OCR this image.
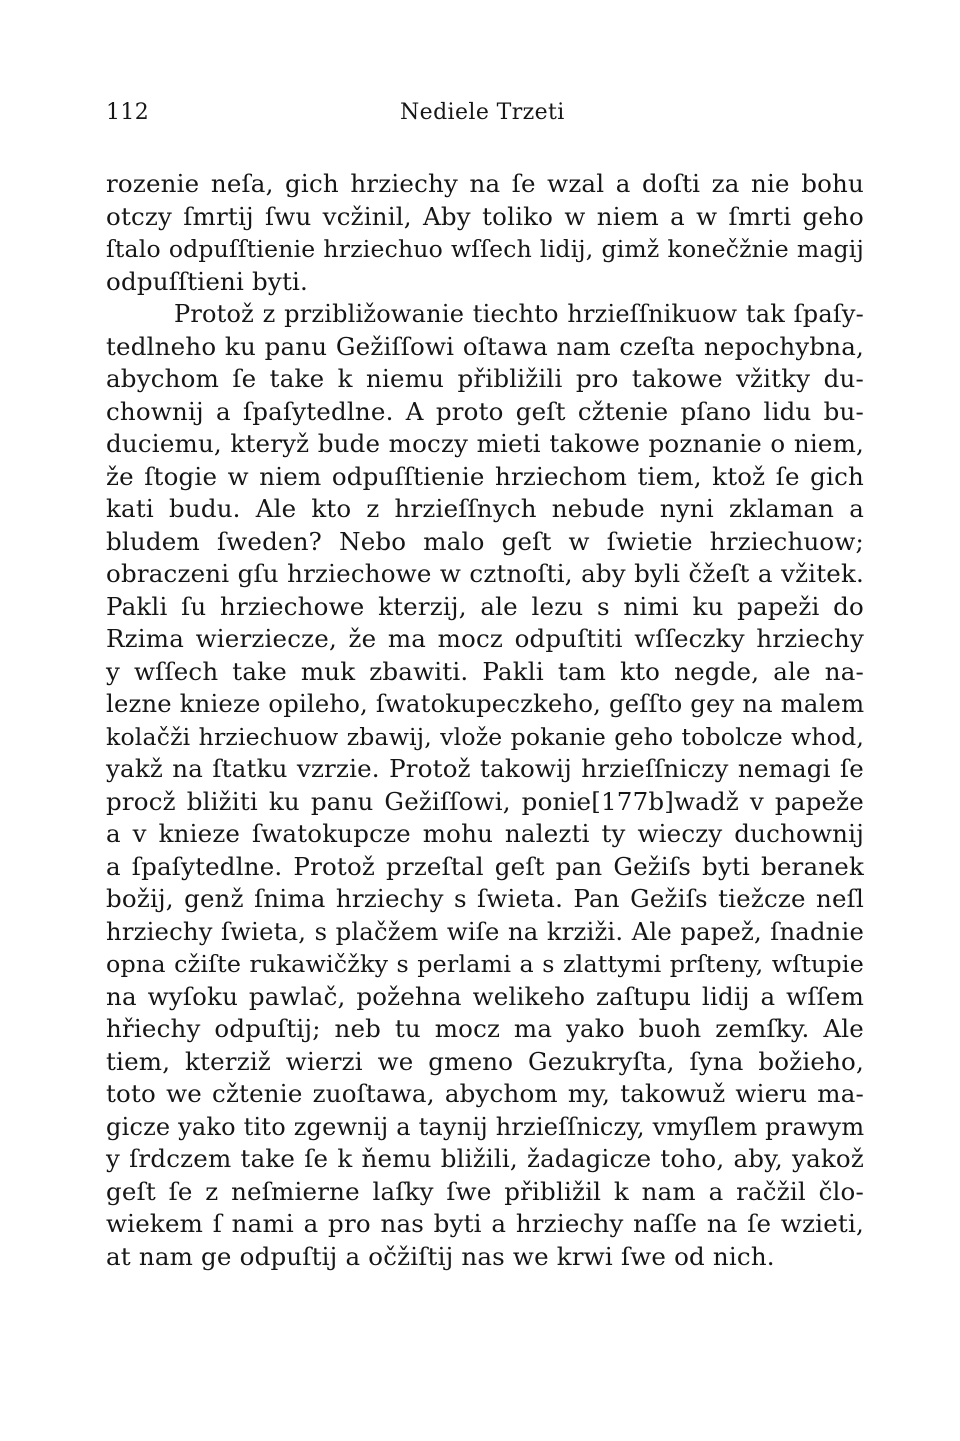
112	Nediele Trzeti
rozenie neſa, gich hrziechy na ſe wzal a doſti za nie bohu
otczy ſmrtij ſwu vcžinil, Aby toliko w niem a w ſmrti geho
ſtalo odpuſſtienie hrziechuo wſſech lidij, gimž konečžnie magij
odpuſſtieni byti.
Protož z przibližowanie tiechto hrzieſſnikuow tak ſpaſy-
tedlneho ku panu Gežiſſowi oſtawa nam czeſta nepochybna,
abychom ſe take k niemu přibližili pro takowe vžitky du-
chownij a ſpaſytedlne. A proto geſt cžtenie pſano lidu bu-
duciemu, kteryž bude moczy mieti takowe poznanie o niem,
že ſtogie w niem odpuſſtienie hrziechom tiem, ktož ſe gich
kati budu. Ale kto z hrzieſſnych nebude nyni zklaman a
bludem ſweden? Nebo malo geſt w ſwietie hrziechuow;
obraczeni gſu hrziechowe w cztnoſti, aby byli čžeſt a vžitek.
Pakli ſu hrziechowe kterzij, ale lezu s nimi ku papeži do
Rzima wierziecze, že ma mocz odpuſtiti wſſeczky hrziechy
y wſſech take muk zbawiti. Pakli tam kto negde, ale na-
lezne knieze opileho, ſwatokupeczkeho, geſſto gey na malem
kolačži hrziechuow zbawij, vlože pokanie geho tobolcze whod,
yakž na ſtatku vzrzie. Protož takowij hrzieſſniczy nemagi ſe
procž bližiti ku panu Gežiſſowi, ponie[177b]wadž v papeže
a v knieze ſwatokupcze mohu nalezti ty wieczy duchownij
a ſpaſytedlne. Protož przeſtal geſt pan Gežiſs byti beranek
božij, genž ſnima hrziechy s ſwieta. Pan Gežiſs tiežcze neſl
hrziechy ſwieta, s plačžem wiſe na krziži. Ale papež, ſnadnie
opna cžiſte rukawičžky s perlami a s zlattymi prſteny, wſtupie
na wyſoku pawlač, požehna welikeho zaſtupu lidij a wſſem
hřiechy odpuſtij; neb tu mocz ma yako buoh zemſky. Ale
tiem, kterziž wierzi we gmeno Gezukryſta, ſyna božieho,
toto we cžtenie zuoſtawa, abychom my, takowuž wieru ma-
gicze yako tito zgewnij a taynij hrzieſſniczy, vmyſlem prawym
y ſrdczem take ſe k ňemu bližili, žadagicze toho, aby, yakož
geſt ſe z neſmierne laſky ſwe přibližil k nam a račžil člo-
wiekem ſ nami a pro nas byti a hrziechy naſſe na ſe wzieti,
at nam ge odpuſtij a očžiſtij nas we krwi ſwe od nich.
